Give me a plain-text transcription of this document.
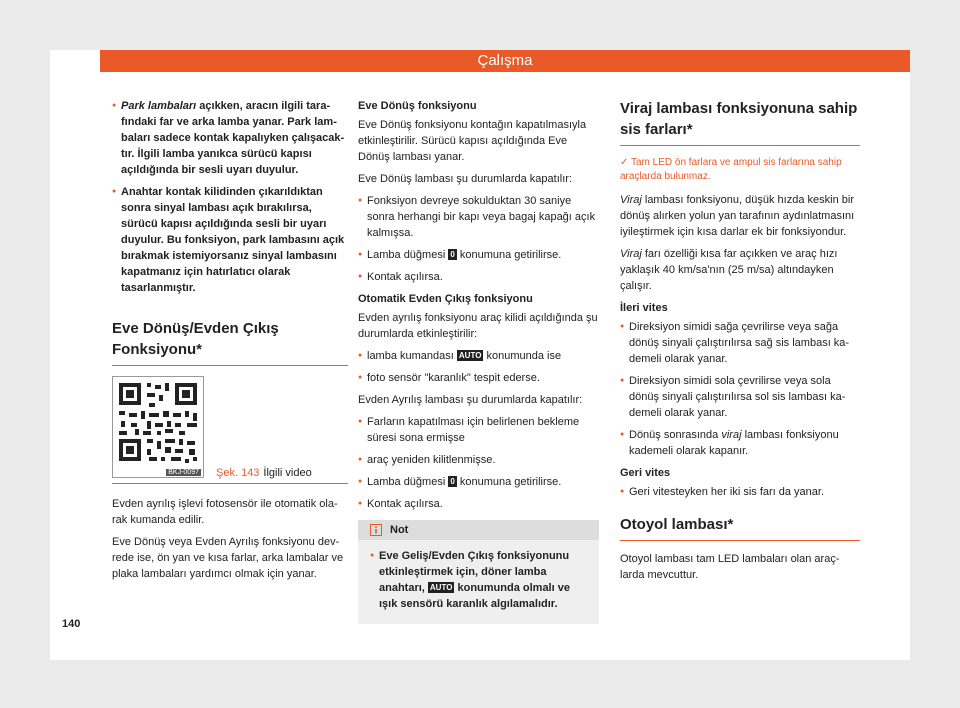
Çalışma
● Park lambaları açıkken, aracın ilgili tarafındaki far ve arka lamba yanar. Park lambaları sadece kontak kapalıyken çalışacaktır. İlgili lamba yanıkca sürücü kapısı açıldığında bir sesli uyarı duyulur.
● Anahtar kontak kilidinden çıkarıldıktan sonra sinyal lambası açık bırakılırsa, sürücü kapısı açıldığında sesli bir uyarı duyulur. Bu fonksiyon, park lambasını açık bırakmak istemiyorsanız sinyal lambasını kapatmanız için hatırlatıcı olarak tasarlanmıştır.
Eve Dönüş/Evden Çıkış Fonksiyonu*
BKJ-0097 Şek. 143 İlgili video

Evden ayrılış işlevi fotosensör ile otomatik olarak kumanda edilir.

Eve Dönüş veya Evden Ayrılış fonksiyonu devrede ise, ön yan ve kısa farlar, arka lambalar ve plaka lambaları yardımcı olmak için yanar.

Eve Dönüş fonksiyonu

Eve Dönüş fonksiyonu kontağın kapatılmasıyla etkinleştirilir. Sürücü kapısı açıldığında Eve Dönüş lambası yanar.

Eve Dönüş lambası şu durumlarda kapatılır:

● Fonksiyon devreye sokulduktan 30 saniye sonra herhangi bir kapı veya bagaj kapağı açık kalmışsa.
● Lamba düğmesi 0 konumuna getirilirse.
● Kontak açılırsa.
Otomatik Evden Çıkış fonksiyonu

Evden ayrılış fonksiyonu araç kilidi açıldığında şu durumlarda etkinleştirilir:

● lamba kumandası AUTO konumunda ise
● foto sensör "karanlık" tespit ederse.

Evden Ayrılış lambası şu durumlarda kapatılır:

● Farların kapatılması için belirlenen bekleme süresi sona ermişse
● araç yeniden kilitlenmişse.
● Lamba düğmesi 0 konumuna getirilirse.
● Kontak açılırsa.
Not
● Eve Geliş/Evden Çıkış fonksiyonunu etkinleştirmek için, döner lamba anahtarı, AUTO konumunda olmalı ve ışık sensörü karanlık algılamalıdır.
Viraj lambası fonksiyonuna sahip sis farları*
✓ Tam LED ön farlara ve ampul sis farlarına sahip araçlarda bulunmaz.

Viraj lambası fonksiyonu, düşük hızda keskin bir dönüş alırken yolun yan tarafının aydınlatmasını iyileştirmek için kısa darlar ek bir fonksiyondur.

Viraj farı özelliği kısa far açıkken ve araç hızı yaklaşık 40 km/sa'nın (25 m/sa) altındayken çalışır.

İleri vites
● Direksiyon simidi sağa çevrilirse veya sağa dönüş sinyali çalıştırılırsa sağ sis lambası kademeli olarak yanar.
● Direksiyon simidi sola çevrilirse veya sola dönüş sinyali çalıştırılırsa sol sis lambası kademeli olarak yanar.
● Dönüş sonrasında viraj lambası fonksiyonu kademeli olarak kapanır.
Geri vites
● Geri vitesteyken her iki sis farı da yanar.
Otoyol lambası*

Otoyol lambası tam LED lambaları olan araçlarda mevcuttur.

140
